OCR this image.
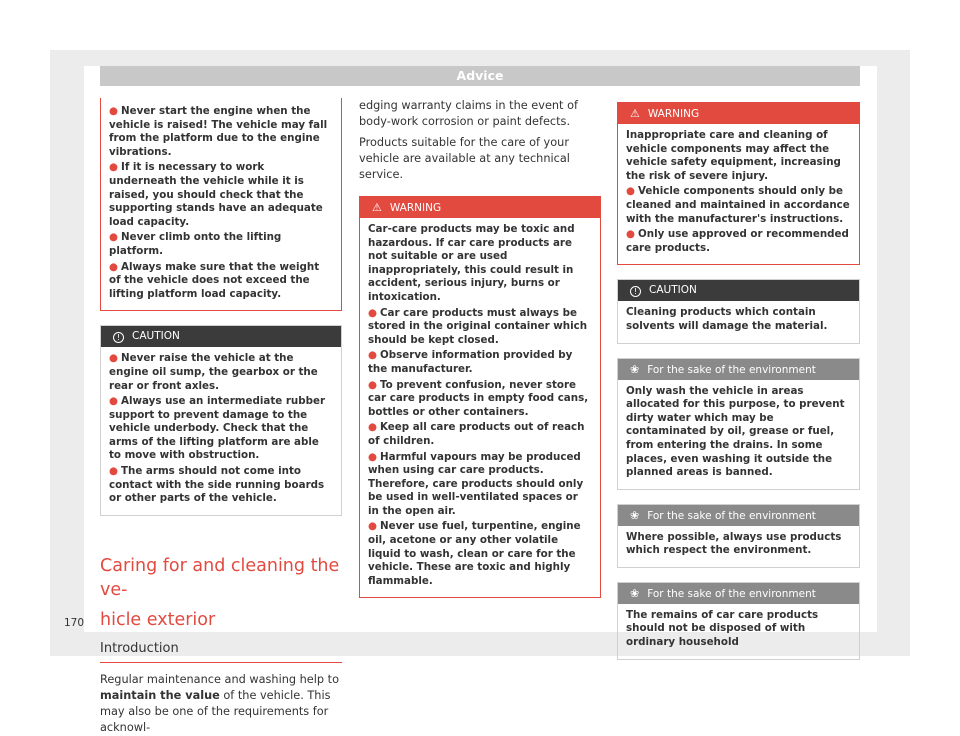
Advice

● Never start the engine when the vehicle is raised! The vehicle may fall from the platform due to the engine vibrations.

● If it is necessary to work underneath the vehicle while it is raised, you should check that the supporting stands have an adequate load capacity.

● Never climb onto the lifting platform.

● Always make sure that the weight of the vehicle does not exceed the lifting platform load capacity.

! CAUTION

● Never raise the vehicle at the engine oil sump, the gearbox or the rear or front axles.

● Always use an intermediate rubber support to prevent damage to the vehicle underbody. Check that the arms of the lifting platform are able to move with obstruction.

● The arms should not come into contact with the side running boards or other parts of the vehicle.

Caring for and cleaning the ve-
hicle exterior
Introduction
Regular maintenance and washing help to maintain the value of the vehicle. This may also be one of the requirements for acknowl-
edging warranty claims in the event of body-work corrosion or paint defects.
Products suitable for the care of your vehicle are available at any technical service.
⚠ WARNING

Car-care products may be toxic and hazardous. If car care products are not suitable or are used inappropriately, this could result in accident, serious injury, burns or intoxication.

● Car care products must always be stored in the original container which should be kept closed.

● Observe information provided by the manufacturer.

● To prevent confusion, never store car care products in empty food cans, bottles or other containers.

● Keep all care products out of reach of children.

● Harmful vapours may be produced when using car care products. Therefore, care products should only be used in well-ventilated spaces or in the open air.

● Never use fuel, turpentine, engine oil, acetone or any other volatile liquid to wash, clean or care for the vehicle. These are toxic and highly flammable.

⚠ WARNING

Inappropriate care and cleaning of vehicle components may affect the vehicle safety equipment, increasing the risk of severe injury.

● Vehicle components should only be cleaned and maintained in accordance with the manufacturer's instructions.

● Only use approved or recommended care products.

! CAUTION

Cleaning products which contain solvents will damage the material.

❀ For the sake of the environment

Only wash the vehicle in areas allocated for this purpose, to prevent dirty water which may be contaminated by oil, grease or fuel, from entering the drains. In some places, even washing it outside the planned areas is banned.

❀ For the sake of the environment

Where possible, always use products which respect the environment.

❀ For the sake of the environment

The remains of car care products should not be disposed of with ordinary household

170
